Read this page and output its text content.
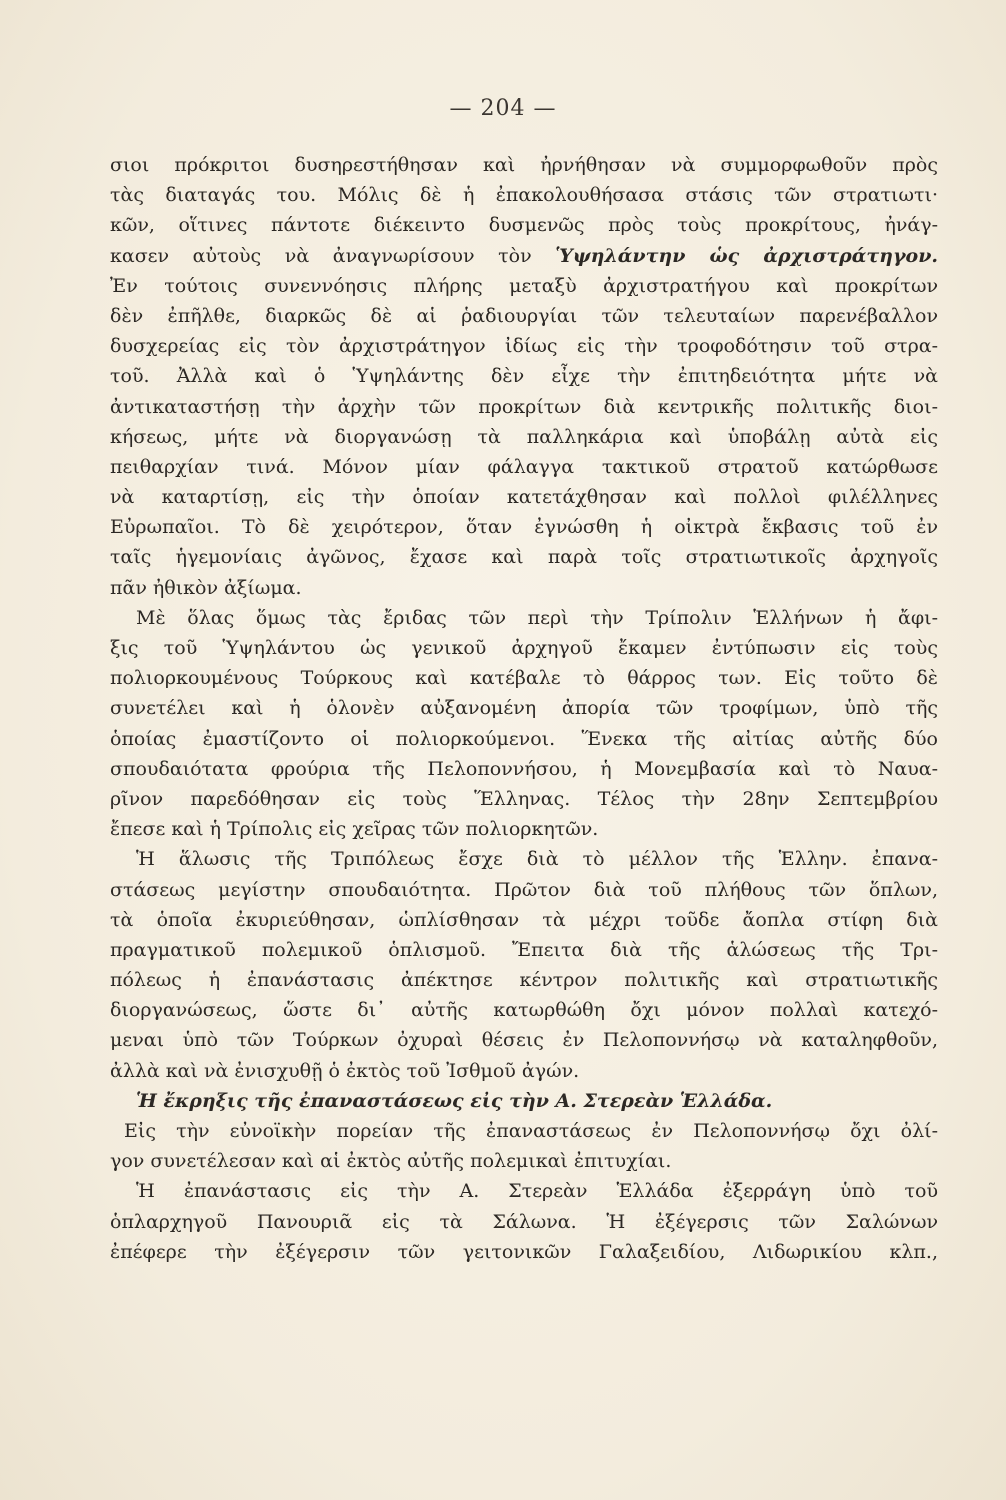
— 204 —
σιοι πρόκριτοι δυσηρεστήθησαν καὶ ἠρνήθησαν νὰ συμμορφωθοῦν πρὸς
τὰς διαταγάς του. Μόλις δὲ ἡ ἐπακολουθήσασα στάσις τῶν στρατιωτι·
κῶν, οἵτινες πάντοτε διέκειντο δυσμενῶς πρὸς τοὺς προκρίτους, ἠνάγ-
κασεν αὐτοὺς νὰ ἀναγνωρίσουν τὸν Ὑψηλάντην ὡς ἀρχιστράτηγον.
Ἐν τούτοις συνεννόησις πλήρης μεταξὺ ἀρχιστρατήγου καὶ προκρίτων
δὲν ἐπῆλθε, διαρκῶς δὲ αἱ ῥαδιουργίαι τῶν τελευταίων παρενέβαλλον
δυσχερείας εἰς τὸν ἀρχιστράτηγον ἰδίως εἰς τὴν τροφοδότησιν τοῦ στρα-
τοῦ. Ἀλλὰ καὶ ὁ Ὑψηλάντης δὲν εἶχε τὴν ἐπιτηδειότητα μήτε νὰ
ἀντικαταστήσῃ τὴν ἀρχὴν τῶν προκρίτων διὰ κεντρικῆς πολιτικῆς διοι-
κήσεως, μήτε νὰ διοργανώσῃ τὰ παλληκάρια καὶ ὑποβάλῃ αὐτὰ εἰς
πειθαρχίαν τινά. Μόνον μίαν φάλαγγα τακτικοῦ στρατοῦ κατώρθωσε
νὰ καταρτίσῃ, εἰς τὴν ὁποίαν κατετάχθησαν καὶ πολλοὶ φιλέλληνες
Εὐρωπαῖοι. Τὸ δὲ χειρότερον, ὅταν ἐγνώσθη ἡ οἰκτρὰ ἔκβασις τοῦ ἐν
ταῖς ἡγεμονίαις ἀγῶνος, ἔχασε καὶ παρὰ τοῖς στρατιωτικοῖς ἀρχηγοῖς
πᾶν ἠθικὸν ἀξίωμα.
Μὲ ὅλας ὅμως τὰς ἔριδας τῶν περὶ τὴν Τρίπολιν Ἑλλήνων ἡ ἄφι-
ξις τοῦ Ὑψηλάντου ὡς γενικοῦ ἀρχηγοῦ ἔκαμεν ἐντύπωσιν εἰς τοὺς
πολιορκουμένους Τούρκους καὶ κατέβαλε τὸ θάρρος των. Εἰς τοῦτο δὲ
συνετέλει καὶ ἡ ὁλονὲν αὐξανομένη ἀπορία τῶν τροφίμων, ὑπὸ τῆς
ὁποίας ἐμαστίζοντο οἱ πολιορκούμενοι. Ἕνεκα τῆς αἰτίας αὐτῆς δύο
σπουδαιότατα φρούρια τῆς Πελοποννήσου, ἡ Μονεμβασία καὶ τὸ Ναυα-
ρῖνον παρεδόθησαν εἰς τοὺς Ἕλληνας. Τέλος τὴν 28ην Σεπτεμβρίου
ἔπεσε καὶ ἡ Τρίπολις εἰς χεῖρας τῶν πολιορκητῶν.
Ἡ ἅλωσις τῆς Τριπόλεως ἔσχε διὰ τὸ μέλλον τῆς Ἑλλην. ἐπανα-
στάσεως μεγίστην σπουδαιότητα. Πρῶτον διὰ τοῦ πλήθους τῶν ὅπλων,
τὰ ὁποῖα ἐκυριεύθησαν, ὡπλίσθησαν τὰ μέχρι τοῦδε ἄοπλα στίφη διὰ
πραγματικοῦ πολεμικοῦ ὁπλισμοῦ. Ἔπειτα διὰ τῆς ἁλώσεως τῆς Τρι-
πόλεως ἡ ἐπανάστασις ἀπέκτησε κέντρον πολιτικῆς καὶ στρατιωτικῆς
διοργανώσεως, ὥστε δι᾽ αὐτῆς κατωρθώθη ὄχι μόνον πολλαὶ κατεχό-
μεναι ὑπὸ τῶν Τούρκων ὀχυραὶ θέσεις ἐν Πελοποννήσῳ νὰ καταληφθοῦν,
ἀλλὰ καὶ νὰ ἐνισχυθῇ ὁ ἐκτὸς τοῦ Ἰσθμοῦ ἀγών.
Ἡ ἔκρηξις τῆς ἐπαναστάσεως εἰς τὴν Α. Στερεὰν Ἑλλάδα.
Εἰς τὴν εὐνοϊκὴν πορείαν τῆς ἐπαναστάσεως ἐν Πελοποννήσῳ ὄχι ὀλί-
γον συνετέλεσαν καὶ αἱ ἐκτὸς αὐτῆς πολεμικαὶ ἐπιτυχίαι.
Ἡ ἐπανάστασις εἰς τὴν Α. Στερεὰν Ἑλλάδα ἐξερράγη ὑπὸ τοῦ
ὁπλαρχηγοῦ Πανουριᾶ εἰς τὰ Σάλωνα. Ἡ ἐξέγερσις τῶν Σαλώνων
ἐπέφερε τὴν ἐξέγερσιν τῶν γειτονικῶν Γαλαξειδίου, Λιδωρικίου κλπ.,
